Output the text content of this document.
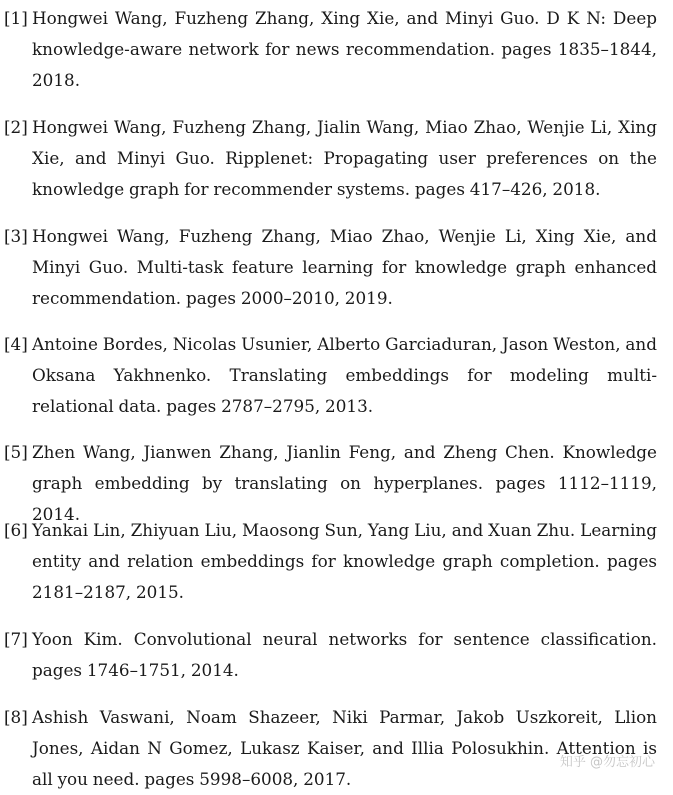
[1] Hongwei Wang, Fuzheng Zhang, Xing Xie, and Minyi Guo. D K N: Deep knowledge-aware network for news recommendation. pages 1835–1844, 2018.
[2] Hongwei Wang, Fuzheng Zhang, Jialin Wang, Miao Zhao, Wenjie Li, Xing Xie, and Minyi Guo. Ripplenet: Propagating user preferences on the knowledge graph for recommender systems. pages 417–426, 2018.
[3] Hongwei Wang, Fuzheng Zhang, Miao Zhao, Wenjie Li, Xing Xie, and Minyi Guo. Multi-task feature learning for knowledge graph enhanced recommendation. pages 2000–2010, 2019.
[4] Antoine Bordes, Nicolas Usunier, Alberto Garciaduran, Jason Weston, and Oksana Yakhnenko. Translating embeddings for modeling multi-relational data. pages 2787–2795, 2013.
[5] Zhen Wang, Jianwen Zhang, Jianlin Feng, and Zheng Chen. Knowledge graph embedding by translating on hyperplanes. pages 1112–1119, 2014.
[6] Yankai Lin, Zhiyuan Liu, Maosong Sun, Yang Liu, and Xuan Zhu. Learning entity and relation embeddings for knowledge graph completion. pages 2181–2187, 2015.
[7] Yoon Kim. Convolutional neural networks for sentence classification. pages 1746–1751, 2014.
[8] Ashish Vaswani, Noam Shazeer, Niki Parmar, Jakob Uszkoreit, Llion Jones, Aidan N Gomez, Lukasz Kaiser, and Illia Polosukhin. Attention is all you need. pages 5998–6008, 2017.
知乎 @勿忘初心
